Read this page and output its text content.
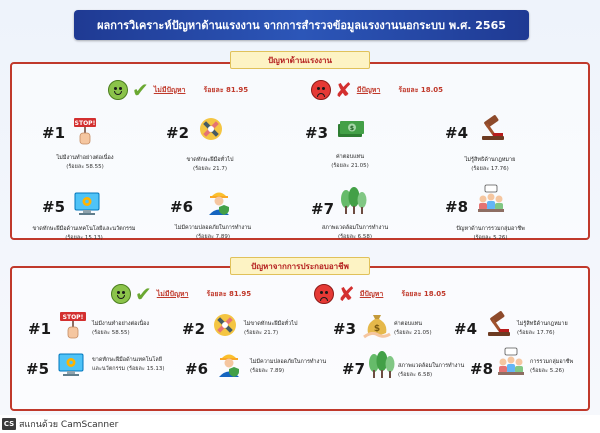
ผลการวิเคราะห์ปัญหาด้านแรงงาน จากการสำรวจข้อมูลแรงงานนอกระบบ พ.ศ. 2565
ปัญหาด้านแรงงาน
✔ ไม่มีปัญหา	ร้อยละ 81.95	✘ มีปัญหา	ร้อยละ 18.05
#1
STOP!
ไม่มีงานทำอย่างต่อเนื่อง
(ร้อยละ 58.55)
#2
ขาดทักษะฝีมือทั่วไป
(ร้อยละ 21.7)
#3	$
ค่าตอบแทน
(ร้อยละ 21.05)
#4
ไม่รู้สิทธิด้านกฎหมาย
(ร้อยละ 17.76)
#5
ขาดทักษะฝีมือด้านเทคโนโลยีและนวัตกรรม
(ร้อยละ 15.13)
#6
ไม่มีความปลอดภัยในการทำงาน
(ร้อยละ 7.89)
#7
สภาพแวดล้อมในการทำงาน
(ร้อยละ 6.58)
#8
ปัญหาด้านการรวมกลุ่มอาชีพ
(ร้อยละ 5.26)
ปัญหาจากการประกอบอาชีพ
✔ ไม่มีปัญหา	ร้อยละ 81.95	✘ มีปัญหา	ร้อยละ 18.05
#1
STOP!
ไม่มีงานทำอย่างต่อเนื่อง
(ร้อยละ 58.55)	#2	ไม่ขาดทักษะฝีมือทั่วไป
(ร้อยละ 21.7)	#3 $	ค่าตอบแทน
(ร้อยละ 21.05)	#4	ไม่รู้สิทธิด้านกฎหมาย
(ร้อยละ 17.76)
#5	ขาดทักษะฝีมือด้านเทคโนโลยี
และนวัตกรรม (ร้อยละ 15.13)	#6	ไม่มีความปลอดภัยในการทำงาน
(ร้อยละ 7.89)	#7	สภาพแวดล้อมในการทำงาน
(ร้อยละ 6.58)	#8	การรวมกลุ่มอาชีพ
(ร้อยละ 5.26)
CS สแกนด้วย CamScanner
